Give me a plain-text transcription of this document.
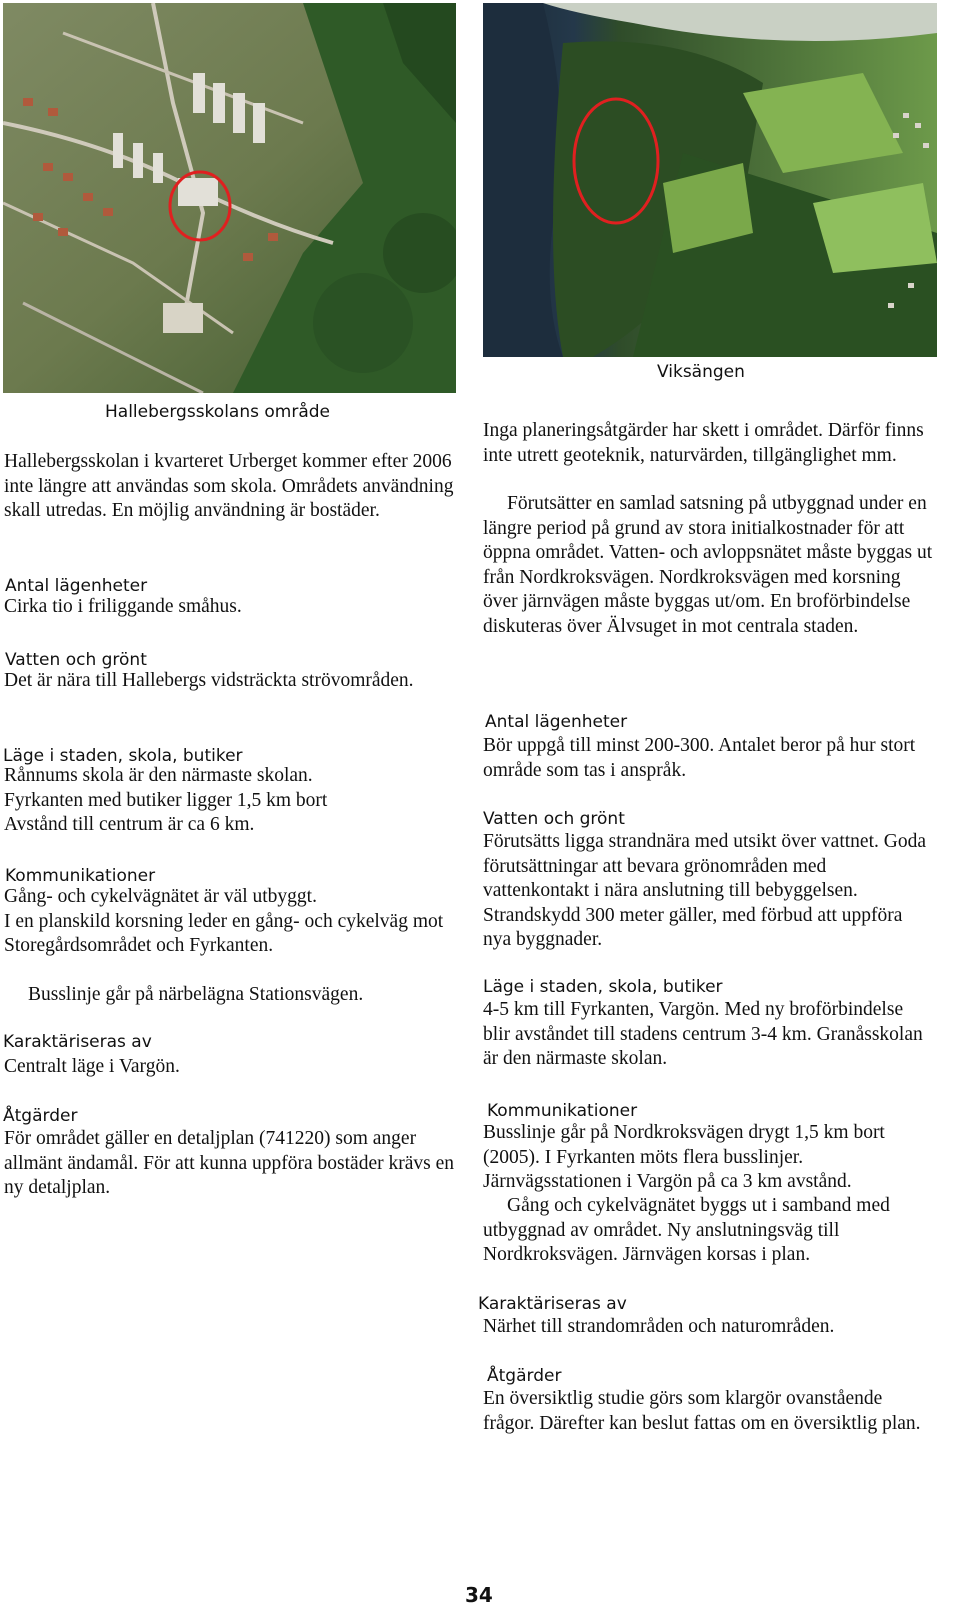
Hallebergsskolans område
Viksängen

Hallebergsskolan i kvarteret Urberget kommer efter 2006 inte längre att användas som skola. Områdets användning skall utredas. En möjlig användning är bostäder.

Antal lägenheter

Cirka tio i friliggande småhus.

Vatten och grönt

Det är nära till Hallebergs vidsträckta strövområden.

Läge i staden, skola, butiker

Rånnums skola är den närmaste skolan.
Fyrkanten med butiker ligger 1,5 km bort
Avstånd till centrum är ca 6 km.

Kommunikationer

Gång- och cykelvägnätet är väl utbyggt.
I en planskild korsning leder en gång- och cykelväg mot Storegårdsområdet och Fyrkanten.

Busslinje går på närbelägna Stationsvägen.

Karaktäriseras av

Centralt läge i Vargön.

Åtgärder

För området gäller en detaljplan (741220) som anger allmänt ändamål. För att kunna uppföra bostäder krävs en ny detaljplan.

Inga planeringsåtgärder har skett i området. Därför finns inte utrett geoteknik, naturvärden, tillgänglighet mm.

Förutsätter en samlad satsning på utbyggnad under en längre period på grund av stora initialkostnader för att öppna området. Vatten- och avloppsnätet måste byggas ut från Nordkroksvägen. Nordkroksvägen med korsning över järnvägen måste byggas ut/om. En broförbindelse diskuteras över Älvsuget in mot centrala staden.

Antal lägenheter

Bör uppgå till minst 200-300. Antalet beror på hur stort område som tas i anspråk.

Vatten och grönt

Förutsätts ligga strandnära med utsikt över vattnet. Goda förutsättningar att bevara grönområden med vattenkontakt i nära anslutning till bebyggelsen. Strandskydd 300 meter gäller, med förbud att uppföra nya byggnader.

Läge i staden, skola, butiker

4-5 km till Fyrkanten, Vargön. Med ny broförbindelse blir avståndet till stadens centrum 3-4 km. Granåsskolan är den närmaste skolan.

Kommunikationer

Busslinje går på Nordkroksvägen drygt 1,5 km bort (2005). I Fyrkanten möts flera busslinjer. Järnvägsstationen i Vargön på ca 3 km avstånd.

Gång och cykelvägnätet byggs ut i samband med utbyggnad av området. Ny anslutningsväg till Nordkroksvägen. Järnvägen korsas i plan.

Karaktäriseras av

Närhet till strandområden och naturområden.

Åtgärder

En översiktlig studie görs som klargör ovanstående frågor. Därefter kan beslut fattas om en översiktlig plan.

34
